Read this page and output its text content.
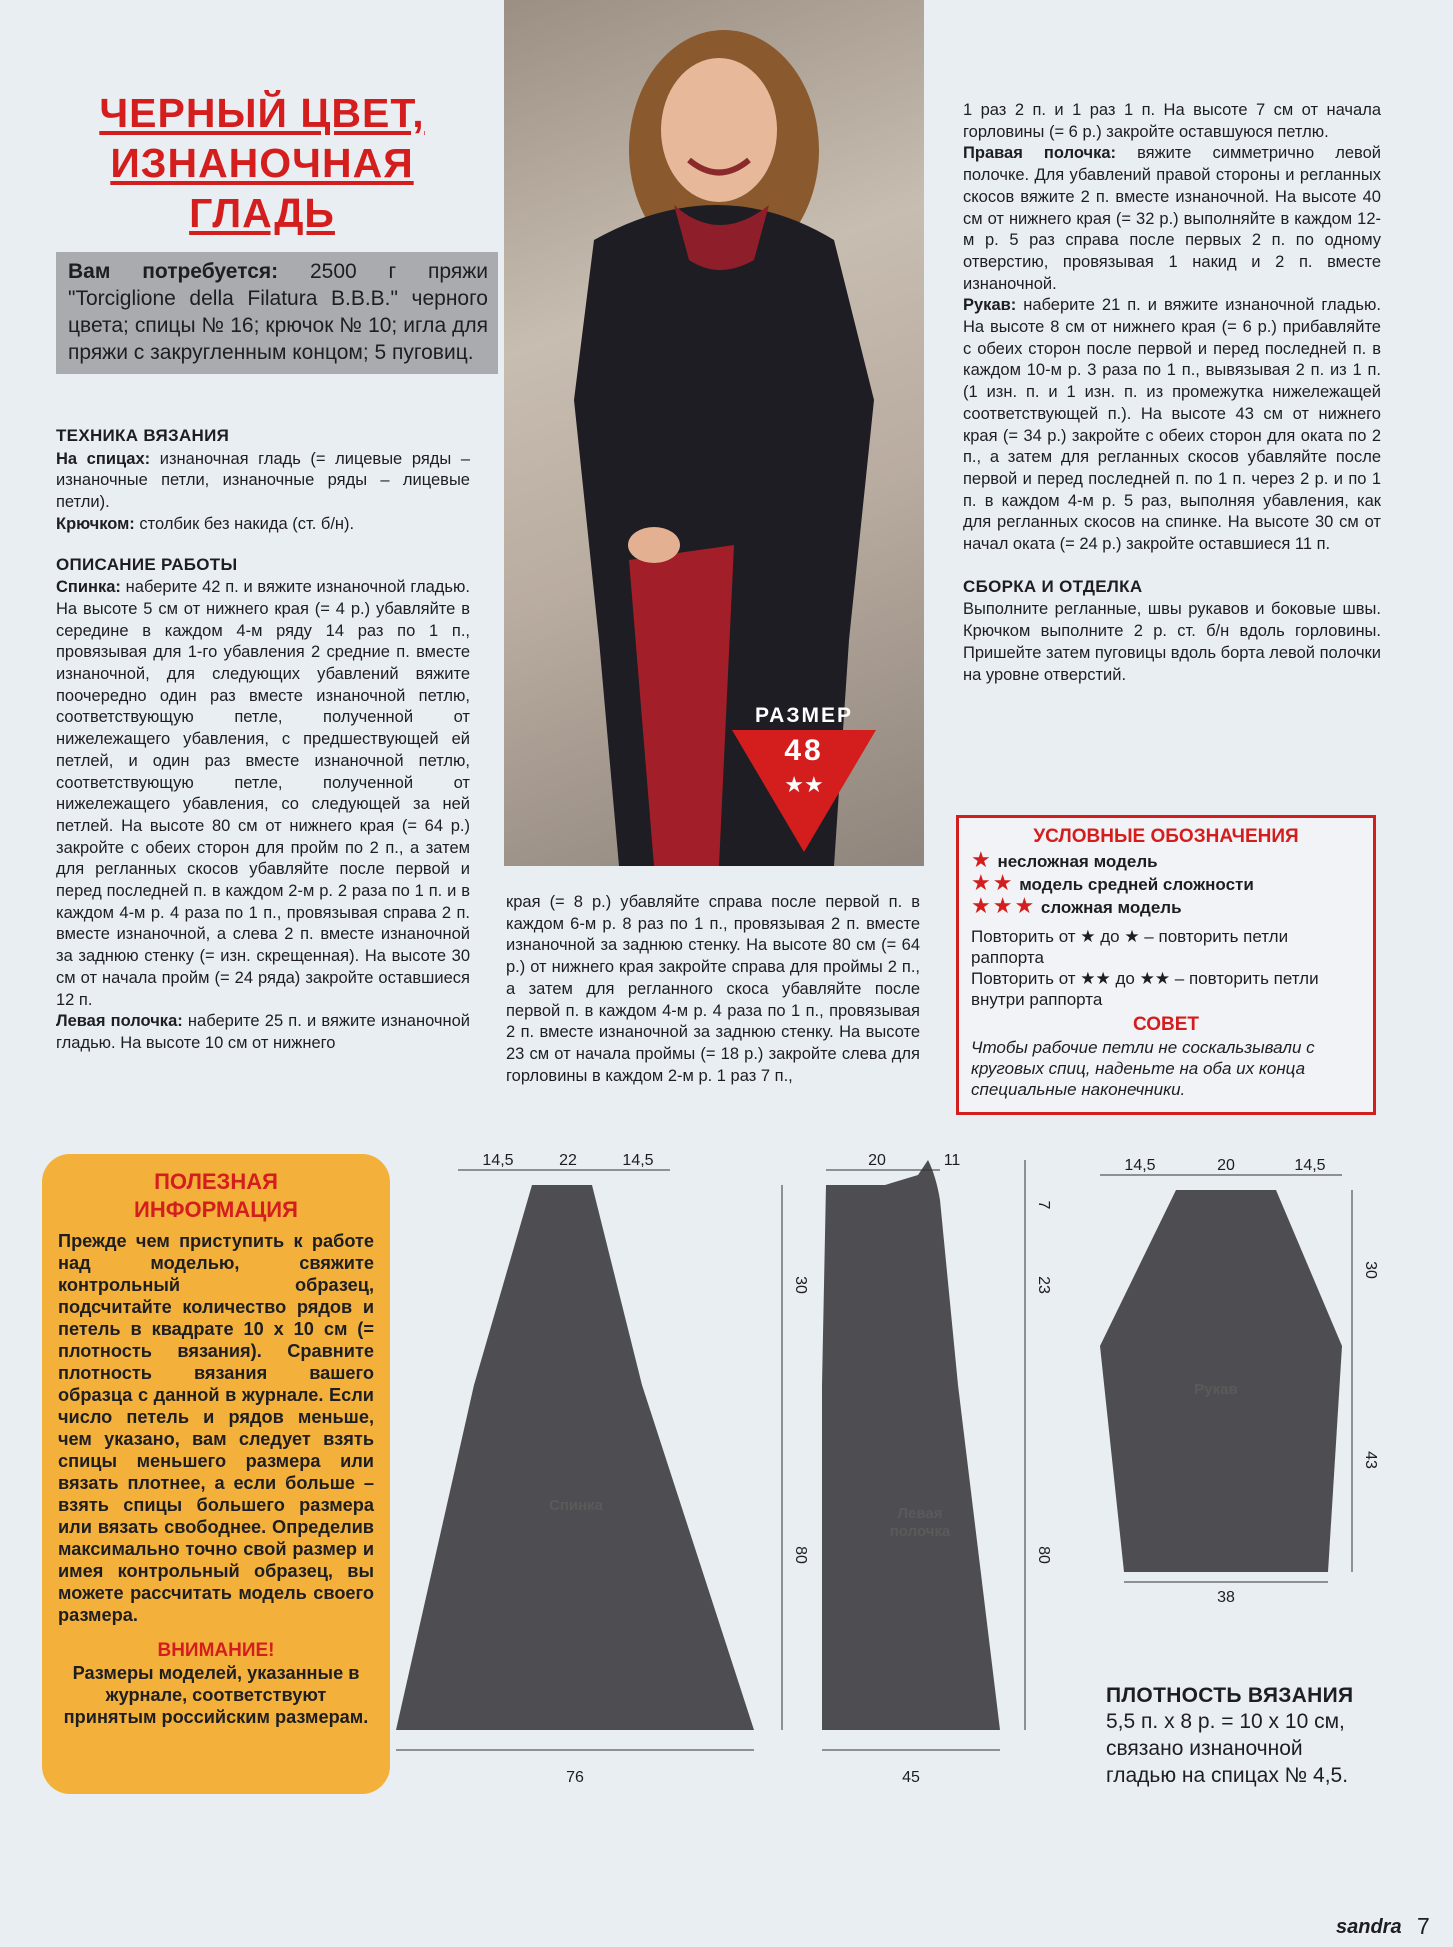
ЧЕРНЫЙ ЦВЕТ,
ИЗНАНОЧНАЯ
ГЛАДЬ
Вам потребуется: 2500 г пряжи "Torciglione della Filatura B.B.B." черного цвета; спицы № 16; крючок № 10; игла для пряжи с закругленным концом; 5 пуговиц.
ТЕХНИКА ВЯЗАНИЯ

На спицах: изнаночная гладь (= лицевые ряды – изнаночные петли, изнаночные ряды – лицевые петли).

Крючком: столбик без накида (ст. б/н).

ОПИСАНИЕ РАБОТЫ

Спинка: наберите 42 п. и вяжите изнаночной гладью. На высоте 5 см от нижнего края (= 4 р.) убавляйте в середине в каждом 4-м ряду 14 раз по 1 п., провязывая для 1-го убавления 2 средние п. вместе изнаночной, для следующих убавлений вяжите поочередно один раз вместе изнаночной петлю, соответствующую петле, полученной от нижележащего убавления, с предшествующей ей петлей, и один раз вместе изнаночной петлю, соответствующую петле, полученной от нижележащего убавления, со следующей за ней петлей. На высоте 80 см от нижнего края (= 64 р.) закройте с обеих сторон для пройм по 2 п., а затем для регланных скосов убавляйте после первой и перед последней п. в каждом 2-м р. 2 раза по 1 п. и в каждом 4-м р. 4 раза по 1 п., провязывая справа 2 п. вместе изнаночной, а слева 2 п. вместе изнаночной за заднюю стенку (= изн. скрещенная). На высоте 30 см от начала пройм (= 24 ряда) закройте оставшиеся 12 п.

Левая полочка: наберите 25 п. и вяжите изнаночной гладью. На высоте 10 см от нижнего

РАЗМЕР
48
★★

края (= 8 р.) убавляйте справа после первой п. в каждом 6-м р. 8 раз по 1 п., провязывая 2 п. вместе изнаночной за заднюю стенку. На высоте 80 см (= 64 р.) от нижнего края закройте справа для проймы 2 п., а затем для регланного скоса убавляйте после первой п. в каждом 4-м р. 4 раза по 1 п., провязывая 2 п. вместе изнаночной за заднюю стенку. На высоте 23 см от начала проймы (= 18 р.) закройте слева для горловины в каждом 2-м р. 1 раз 7 п.,

1 раз 2 п. и 1 раз 1 п. На высоте 7 см от начала горловины (= 6 р.) закройте оставшуюся петлю.

Правая полочка: вяжите симметрично левой полочке. Для убавлений правой стороны и регланных скосов вяжите 2 п. вместе изнаночной. На высоте 40 см от нижнего края (= 32 р.) выполняйте в каждом 12-м р. 5 раз справа после первых 2 п. по одному отверстию, провязывая 1 накид и 2 п. вместе изнаночной.

Рукав: наберите 21 п. и вяжите изнаночной гладью. На высоте 8 см от нижнего края (= 6 р.) прибавляйте с обеих сторон после первой и перед последней п. в каждом 10-м р. 3 раза по 1 п., вывязывая 2 п. из 1 п. (1 изн. п. и 1 изн. п. из промежутка нижележащей соответствующей п.). На высоте 43 см от нижнего края (= 34 р.) закройте с обеих сторон для оката по 2 п., а затем для регланных скосов убавляйте после первой и перед последней п. по 1 п. через 2 р. и по 1 п. в каждом 4-м р. 5 раз, выполняя убавления, как для регланных скосов на спинке. На высоте 30 см от начал оката (= 24 р.) закройте оставшиеся 11 п.

СБОРКА И ОТДЕЛКА

Выполните регланные, швы рукавов и боковые швы. Крючком выполните 2 р. ст. б/н вдоль горловины. Пришейте затем пуговицы вдоль борта левой полочки на уровне отверстий.

УСЛОВНЫЕ ОБОЗНАЧЕНИЯ
★ несложная модель
★★ модель средней сложности
★★★ сложная модель
Повторить от ★ до ★ – повторить петли раппорта
Повторить от ★★ до ★★ – повторить петли внутри раппорта
СОВЕТ
Чтобы рабочие петли не соскальзывали с круговых спиц, наденьте на оба их конца специальные наконечники.
ПОЛЕЗНАЯ
ИНФОРМАЦИЯ
Прежде чем приступить к работе над моделью, свяжите контрольный образец, подсчитайте количество рядов и петель в квадрате 10 х 10 см (= плотность вязания). Сравните плотность вязания вашего образца с данной в журнале. Если число петель и рядов меньше, чем указано, вам следует взять спицы меньшего размера или вязать плотнее, а если больше – взять спицы большего размера или вязать свободнее. Определив максимально точно свой размер и имея контрольный образец, вы можете рассчитать модель своего размера.
ВНИМАНИЕ!
Размеры моделей, указанные в журнале, соответствуют принятым российским размерам.
14,5	22	14,5
30
80
76
Спинка
20	11
7
23
80
45
Левая
полочка
14,5	20	14,5
30
43
38
Рукав
ПЛОТНОСТЬ ВЯЗАНИЯ
5,5 п. х 8 р. = 10 х 10 см,
связано изнаночной
гладью на спицах № 4,5.
sandra 7
